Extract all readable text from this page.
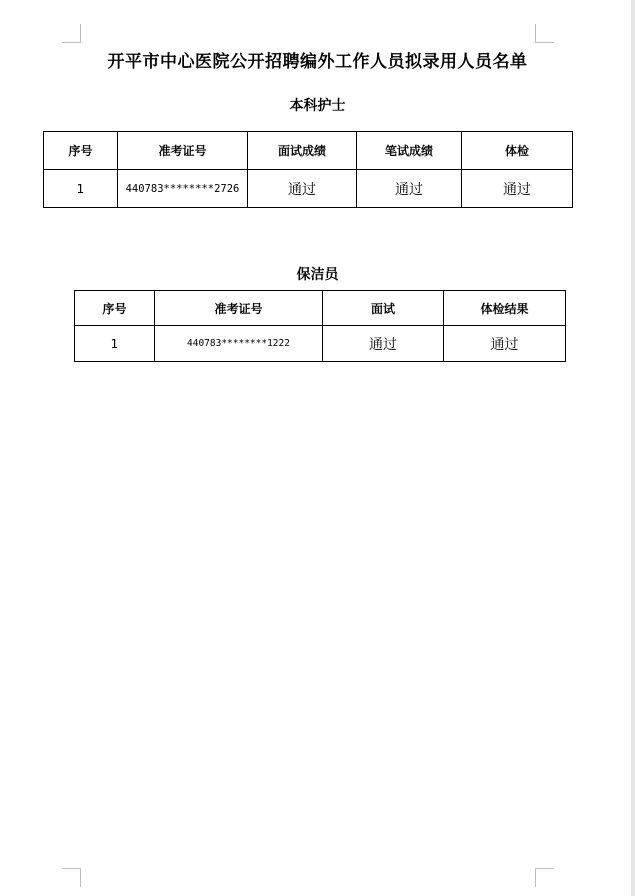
开平市中心医院公开招聘编外工作人员拟录用人员名单
本科护士
序号	准考证号	面试成绩	笔试成绩	体检
1	440783********2726	通过	通过	通过
保洁员
序号	准考证号	面试	体检结果
1	440783********1222	通过	通过
